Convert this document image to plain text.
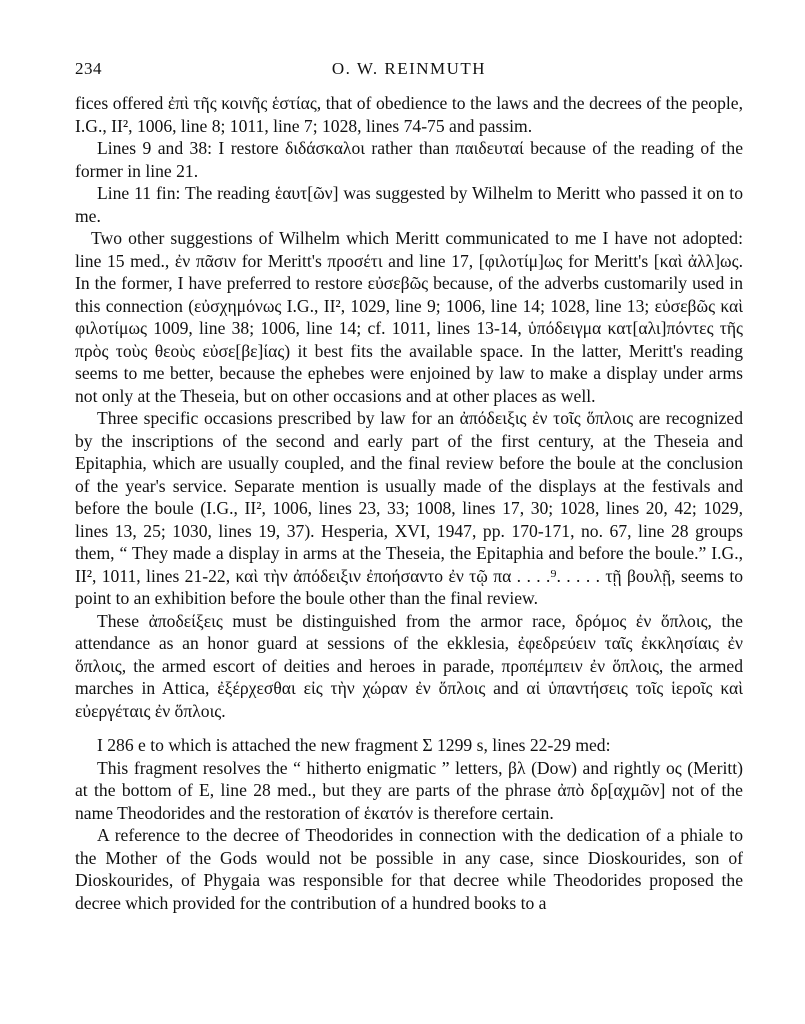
234	O. W. REINMUTH

fices offered ἐπὶ τῆς κοινῆς ἑστίας, that of obedience to the laws and the decrees of the people, I.G., II², 1006, line 8; 1011, line 7; 1028, lines 74-75 and passim.

Lines 9 and 38: I restore διδάσκαλοι rather than παιδευταί because of the reading of the former in line 21.

Line 11 fin: The reading ἑαυτ[ῶν] was suggested by Wilhelm to Meritt who passed it on to me.

Two other suggestions of Wilhelm which Meritt communicated to me I have not adopted: line 15 med., ἐν πᾶσιν for Meritt's προσέτι and line 17, [φιλοτίμ]ως for Meritt's [καὶ ἀλλ]ως. In the former, I have preferred to restore εὐσεβῶς because, of the adverbs customarily used in this connection (εὐσχημόνως I.G., II², 1029, line 9; 1006, line 14; 1028, line 13; εὐσεβῶς καὶ φιλοτίμως 1009, line 38; 1006, line 14; cf. 1011, lines 13-14, ὑπόδειγμα κατ[αλι]πόντες τῆς πρὸς τοὺς θεοὺς εὐσε[βε]ίας) it best fits the available space. In the latter, Meritt's reading seems to me better, because the ephebes were enjoined by law to make a display under arms not only at the Theseia, but on other occasions and at other places as well.

Three specific occasions prescribed by law for an ἀπόδειξις ἐν τοῖς ὅπλοις are recognized by the inscriptions of the second and early part of the first century, at the Theseia and Epitaphia, which are usually coupled, and the final review before the boule at the conclusion of the year's service. Separate mention is usually made of the displays at the festivals and before the boule (I.G., II², 1006, lines 23, 33; 1008, lines 17, 30; 1028, lines 20, 42; 1029, lines 13, 25; 1030, lines 19, 37). Hesperia, XVI, 1947, pp. 170-171, no. 67, line 28 groups them, “ They made a display in arms at the Theseia, the Epitaphia and before the boule.” I.G., II², 1011, lines 21-22, καὶ τὴν ἀπόδειξιν ἐποήσαντο ἐν τῷ πα . . . .⁹. . . . . τῇ βουλῇ, seems to point to an exhibition before the boule other than the final review.

These ἀποδείξεις must be distinguished from the armor race, δρόμος ἐν ὅπλοις, the attendance as an honor guard at sessions of the ekklesia, ἐφεδρεύειν ταῖς ἐκκλησίαις ἐν ὅπλοις, the armed escort of deities and heroes in parade, προπέμπειν ἐν ὅπλοις, the armed marches in Attica, ἐξέρχεσθαι εἰς τὴν χώραν ἐν ὅπλοις and αἱ ὑπαντήσεις τοῖς ἱεροῖς καὶ εὐεργέταις ἐν ὅπλοις.

I 286 e to which is attached the new fragment Σ 1299 s, lines 22-29 med:

This fragment resolves the “ hitherto enigmatic ” letters, βλ (Dow) and rightly ος (Meritt) at the bottom of E, line 28 med., but they are parts of the phrase ἀπὸ δρ[αχμῶν] not of the name Theodorides and the restoration of ἑκατόν is therefore certain.

A reference to the decree of Theodorides in connection with the dedication of a phiale to the Mother of the Gods would not be possible in any case, since Dioskourides, son of Dioskourides, of Phygaia was responsible for that decree while Theodorides proposed the decree which provided for the contribution of a hundred books to a
